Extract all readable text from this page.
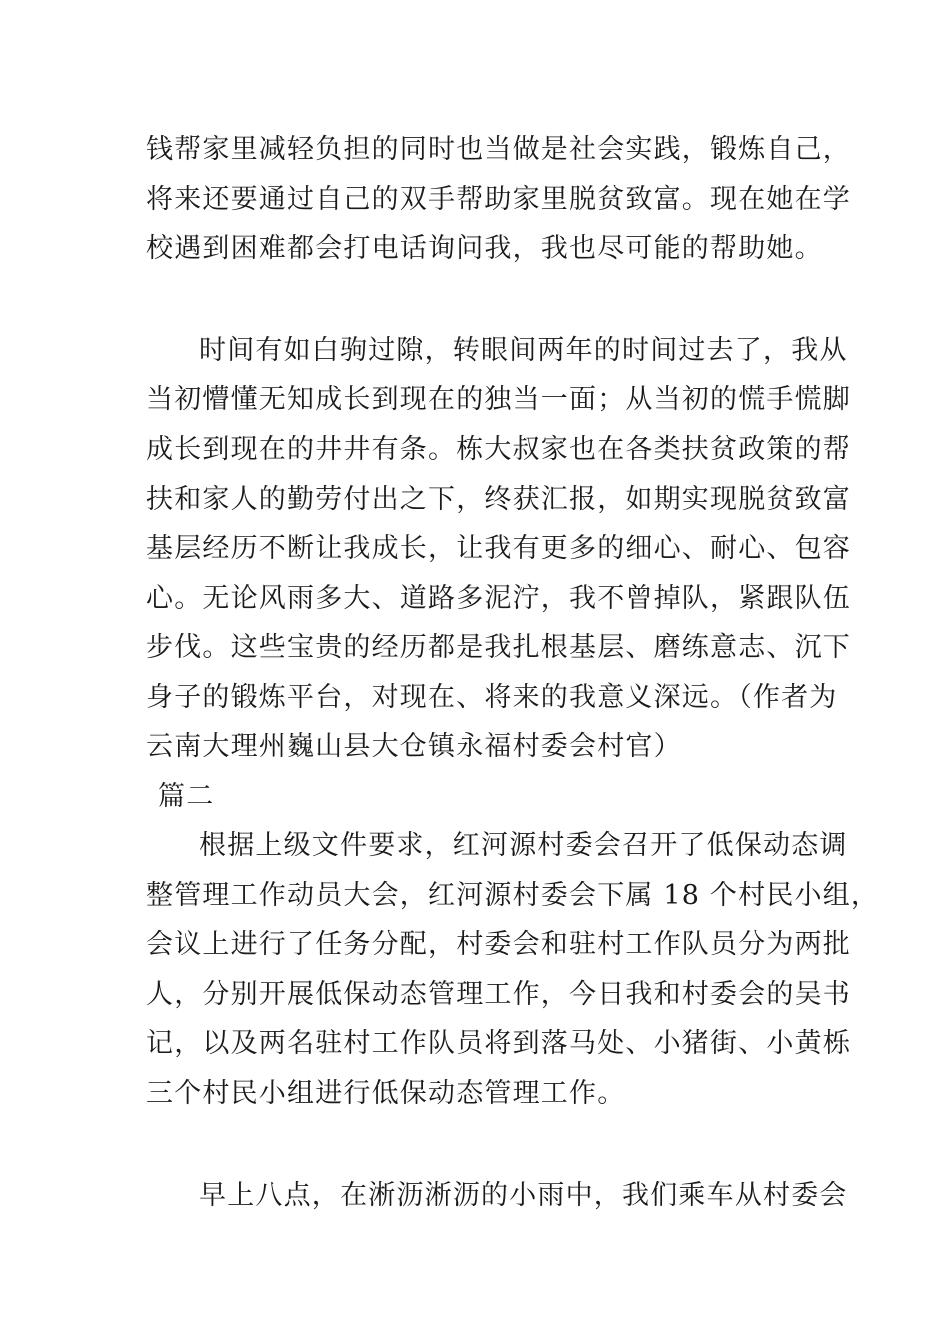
钱帮家里减轻负担的同时也当做是社会实践，锻炼自己，
将来还要通过自己的双手帮助家里脱贫致富。现在她在学
校遇到困难都会打电话询问我，我也尽可能的帮助她。
时间有如白驹过隙，转眼间两年的时间过去了，我从
当初懵懂无知成长到现在的独当一面；从当初的慌手慌脚
成长到现在的井井有条。栋大叔家也在各类扶贫政策的帮
扶和家人的勤劳付出之下，终获汇报，如期实现脱贫致富
基层经历不断让我成长，让我有更多的细心、耐心、包容
心。无论风雨多大、道路多泥泞，我不曾掉队，紧跟队伍
步伐。这些宝贵的经历都是我扎根基层、磨练意志、沉下
身子的锻炼平台，对现在、将来的我意义深远。（作者为
云南大理州巍山县大仓镇永福村委会村官）
篇二
根据上级文件要求，红河源村委会召开了低保动态调
整管理工作动员大会，红河源村委会下属 18 个村民小组，
会议上进行了任务分配，村委会和驻村工作队员分为两批
人，分别开展低保动态管理工作，今日我和村委会的吴书
记，以及两名驻村工作队员将到落马处、小猪街、小黄栎
三个村民小组进行低保动态管理工作。
早上八点，在淅沥淅沥的小雨中，我们乘车从村委会
